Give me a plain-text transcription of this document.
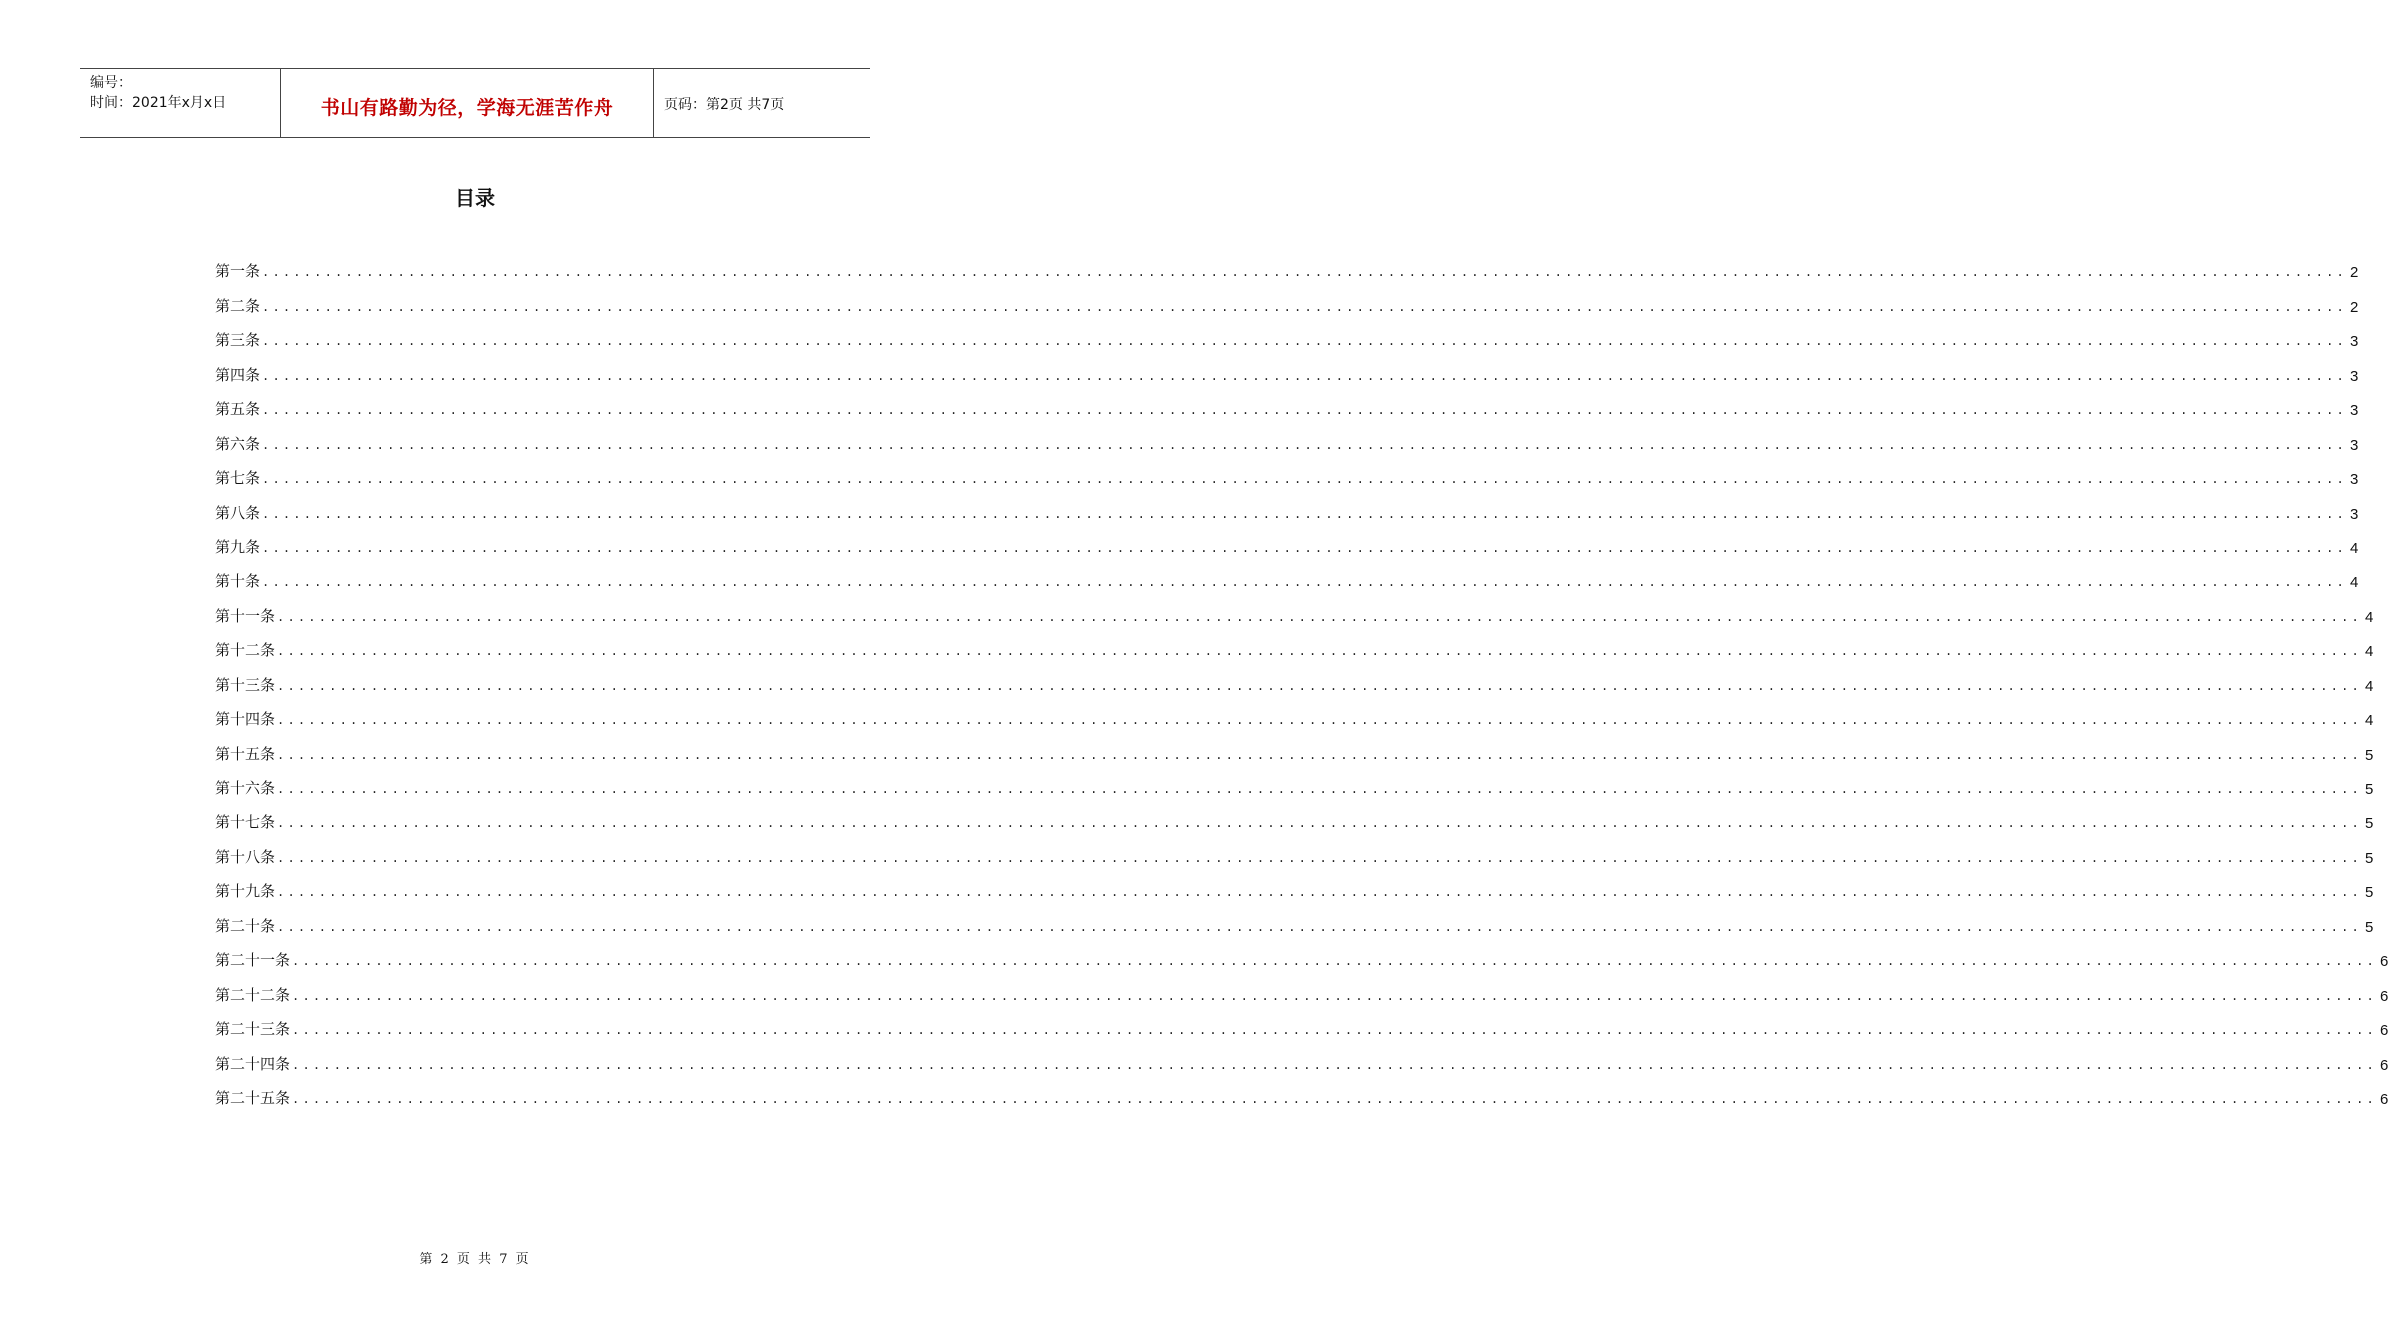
编号：
时间：2021年x月x日	书山有路勤为径，学海无涯苦作舟	页码：第2页 共7页
目录
第一条 ........................................................................................................................................................................................................ 2
第二条 ........................................................................................................................................................................................................ 2
第三条 ........................................................................................................................................................................................................ 3
第四条 ........................................................................................................................................................................................................ 3
第五条 ........................................................................................................................................................................................................ 3
第六条 ........................................................................................................................................................................................................ 3
第七条 ........................................................................................................................................................................................................ 3
第八条 ........................................................................................................................................................................................................ 3
第九条 ........................................................................................................................................................................................................ 4
第十条 ........................................................................................................................................................................................................ 4
第十一条 ........................................................................................................................................................................................................ 4
第十二条 ........................................................................................................................................................................................................ 4
第十三条 ........................................................................................................................................................................................................ 4
第十四条 ........................................................................................................................................................................................................ 4
第十五条 ........................................................................................................................................................................................................ 5
第十六条 ........................................................................................................................................................................................................ 5
第十七条 ........................................................................................................................................................................................................ 5
第十八条 ........................................................................................................................................................................................................ 5
第十九条 ........................................................................................................................................................................................................ 5
第二十条 ........................................................................................................................................................................................................ 5
第二十一条 ........................................................................................................................................................................................................ 6
第二十二条 ........................................................................................................................................................................................................ 6
第二十三条 ........................................................................................................................................................................................................ 6
第二十四条 ........................................................................................................................................................................................................ 6
第二十五条 ........................................................................................................................................................................................................ 6
第 2 页 共 7 页
